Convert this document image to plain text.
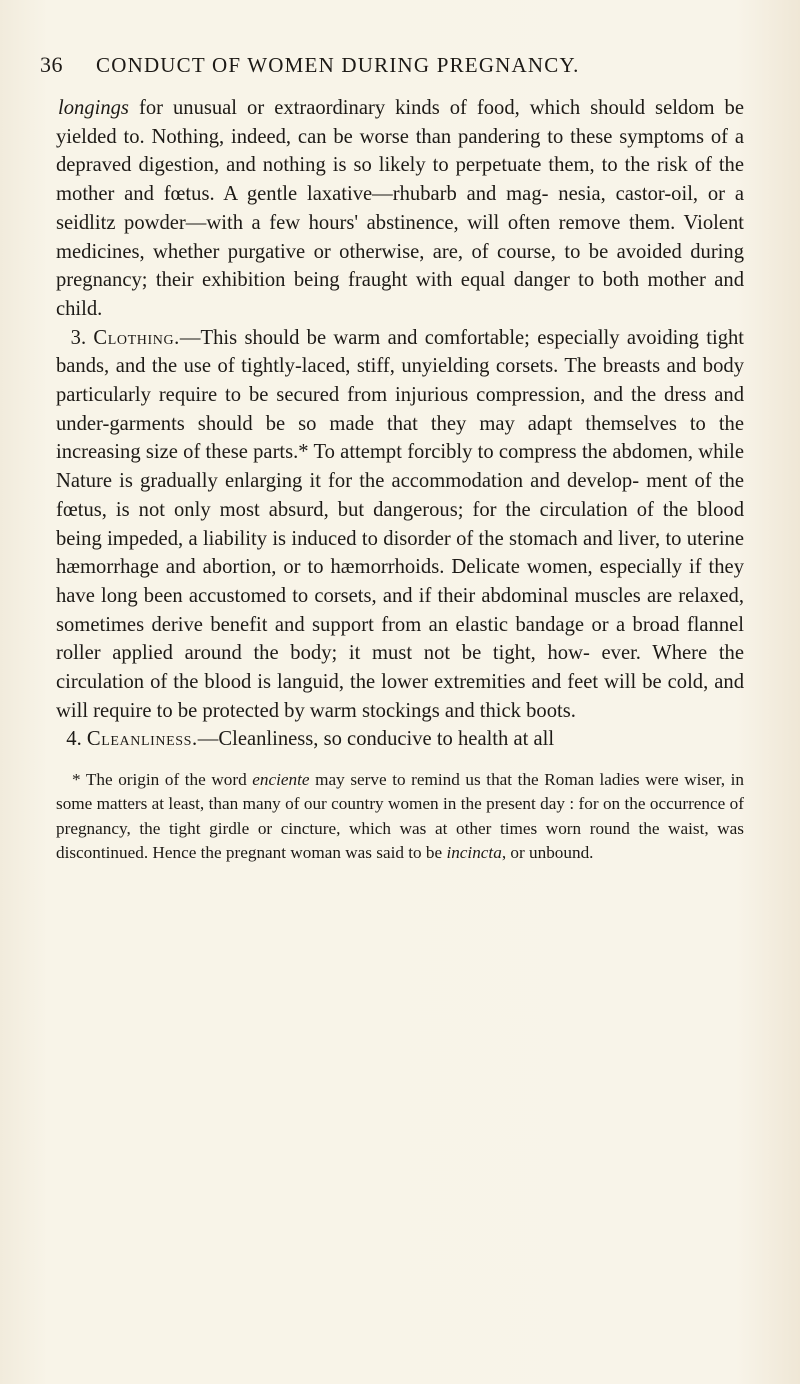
36	CONDUCT OF WOMEN DURING PREGNANCY.

longings for unusual or extraordinary kinds of food, which should seldom be yielded to. Nothing, indeed, can be worse than pandering to these symptoms of a depraved digestion, and nothing is so likely to perpetuate them, to the risk of the mother and fœtus. A gentle laxative—rhubarb and mag- nesia, castor-oil, or a seidlitz powder—with a few hours' abstinence, will often remove them. Violent medicines, whether purgative or otherwise, are, of course, to be avoided during pregnancy; their exhibition being fraught with equal danger to both mother and child.

3. Clothing.—This should be warm and comfortable; especially avoiding tight bands, and the use of tightly-laced, stiff, unyielding corsets. The breasts and body particularly require to be secured from injurious compression, and the dress and under-garments should be so made that they may adapt themselves to the increasing size of these parts.* To attempt forcibly to compress the abdomen, while Nature is gradually enlarging it for the accommodation and develop- ment of the fœtus, is not only most absurd, but dangerous; for the circulation of the blood being impeded, a liability is induced to disorder of the stomach and liver, to uterine hæmorrhage and abortion, or to hæmorrhoids. Delicate women, especially if they have long been accustomed to corsets, and if their abdominal muscles are relaxed, sometimes derive benefit and support from an elastic bandage or a broad flannel roller applied around the body; it must not be tight, how- ever. Where the circulation of the blood is languid, the lower extremities and feet will be cold, and will require to be protected by warm stockings and thick boots.

4. Cleanliness.—Cleanliness, so conducive to health at all

* The origin of the word enciente may serve to remind us that the Roman ladies were wiser, in some matters at least, than many of our country women in the present day : for on the occurrence of pregnancy, the tight girdle or cincture, which was at other times worn round the waist, was discontinued. Hence the pregnant woman was said to be incincta, or unbound.
